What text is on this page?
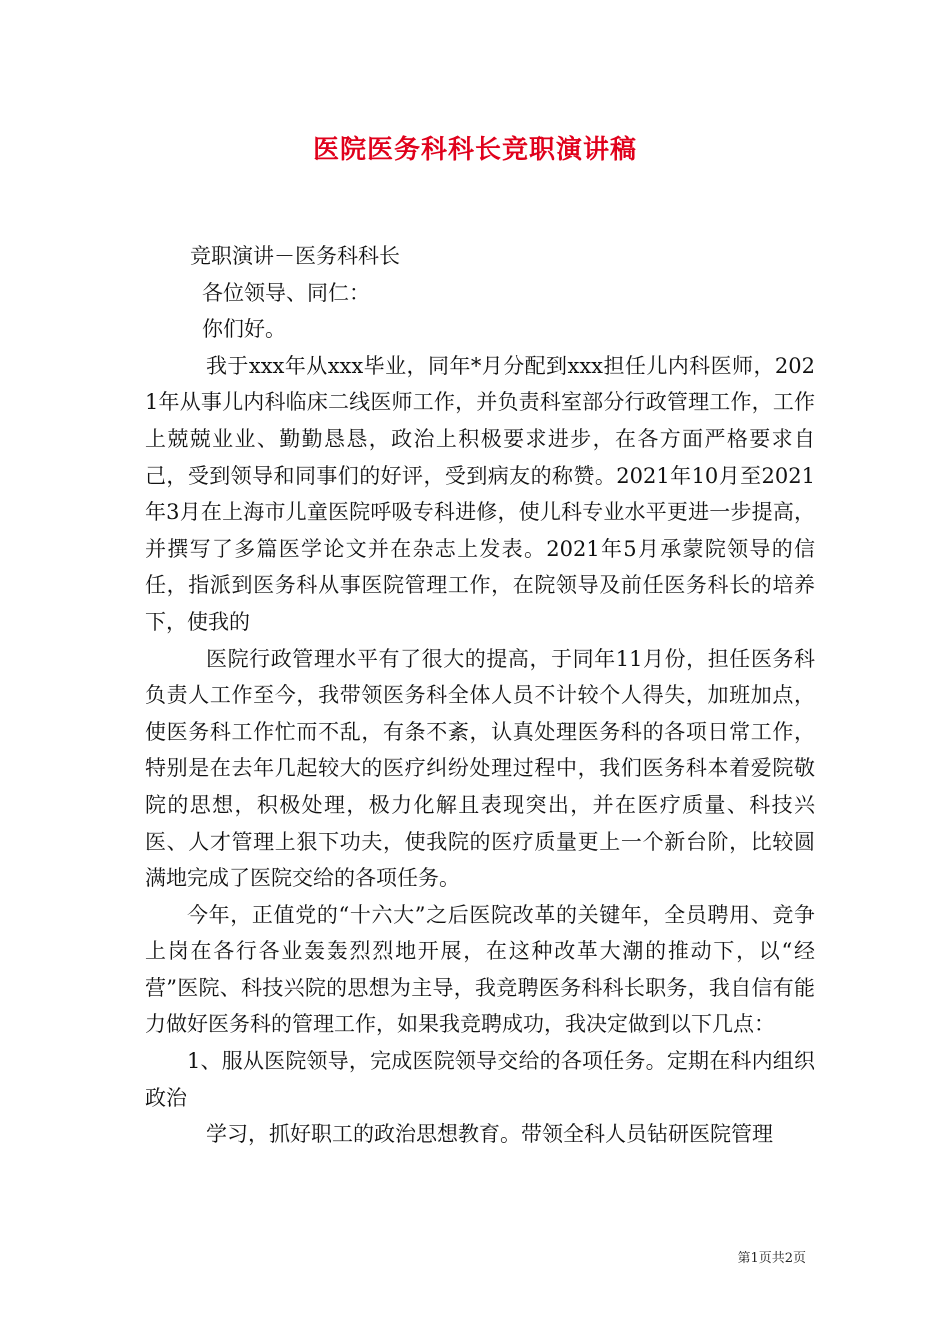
医院医务科科长竞职演讲稿

竞职演讲－医务科科长

各位领导、同仁：

你们好。

我于xxx年从xxx毕业，同年*月分配到xxx担任儿内科医师，2021年从事儿内科临床二线医师工作，并负责科室部分行政管理工作，工作上兢兢业业、勤勤恳恳，政治上积极要求进步，在各方面严格要求自己，受到领导和同事们的好评，受到病友的称赞。2021年10月至2021年3月在上海市儿童医院呼吸专科进修，使儿科专业水平更进一步提高，并撰写了多篇医学论文并在杂志上发表。2021年5月承蒙院领导的信任，指派到医务科从事医院管理工作，在院领导及前任医务科长的培养下，使我的

医院行政管理水平有了很大的提高，于同年11月份，担任医务科负责人工作至今，我带领医务科全体人员不计较个人得失，加班加点，使医务科工作忙而不乱，有条不紊，认真处理医务科的各项日常工作，特别是在去年几起较大的医疗纠纷处理过程中，我们医务科本着爱院敬院的思想，积极处理，极力化解且表现突出，并在医疗质量、科技兴医、人才管理上狠下功夫，使我院的医疗质量更上一个新台阶，比较圆满地完成了医院交给的各项任务。

今年，正值党的“十六大”之后医院改革的关键年，全员聘用、竞争上岗在各行各业轰轰烈烈地开展，在这种改革大潮的推动下，以“经营”医院、科技兴院的思想为主导，我竞聘医务科科长职务，我自信有能力做好医务科的管理工作，如果我竞聘成功，我决定做到以下几点：

1、服从医院领导，完成医院领导交给的各项任务。定期在科内组织政治

学习，抓好职工的政治思想教育。带领全科人员钻研医院管理

第1页共2页
